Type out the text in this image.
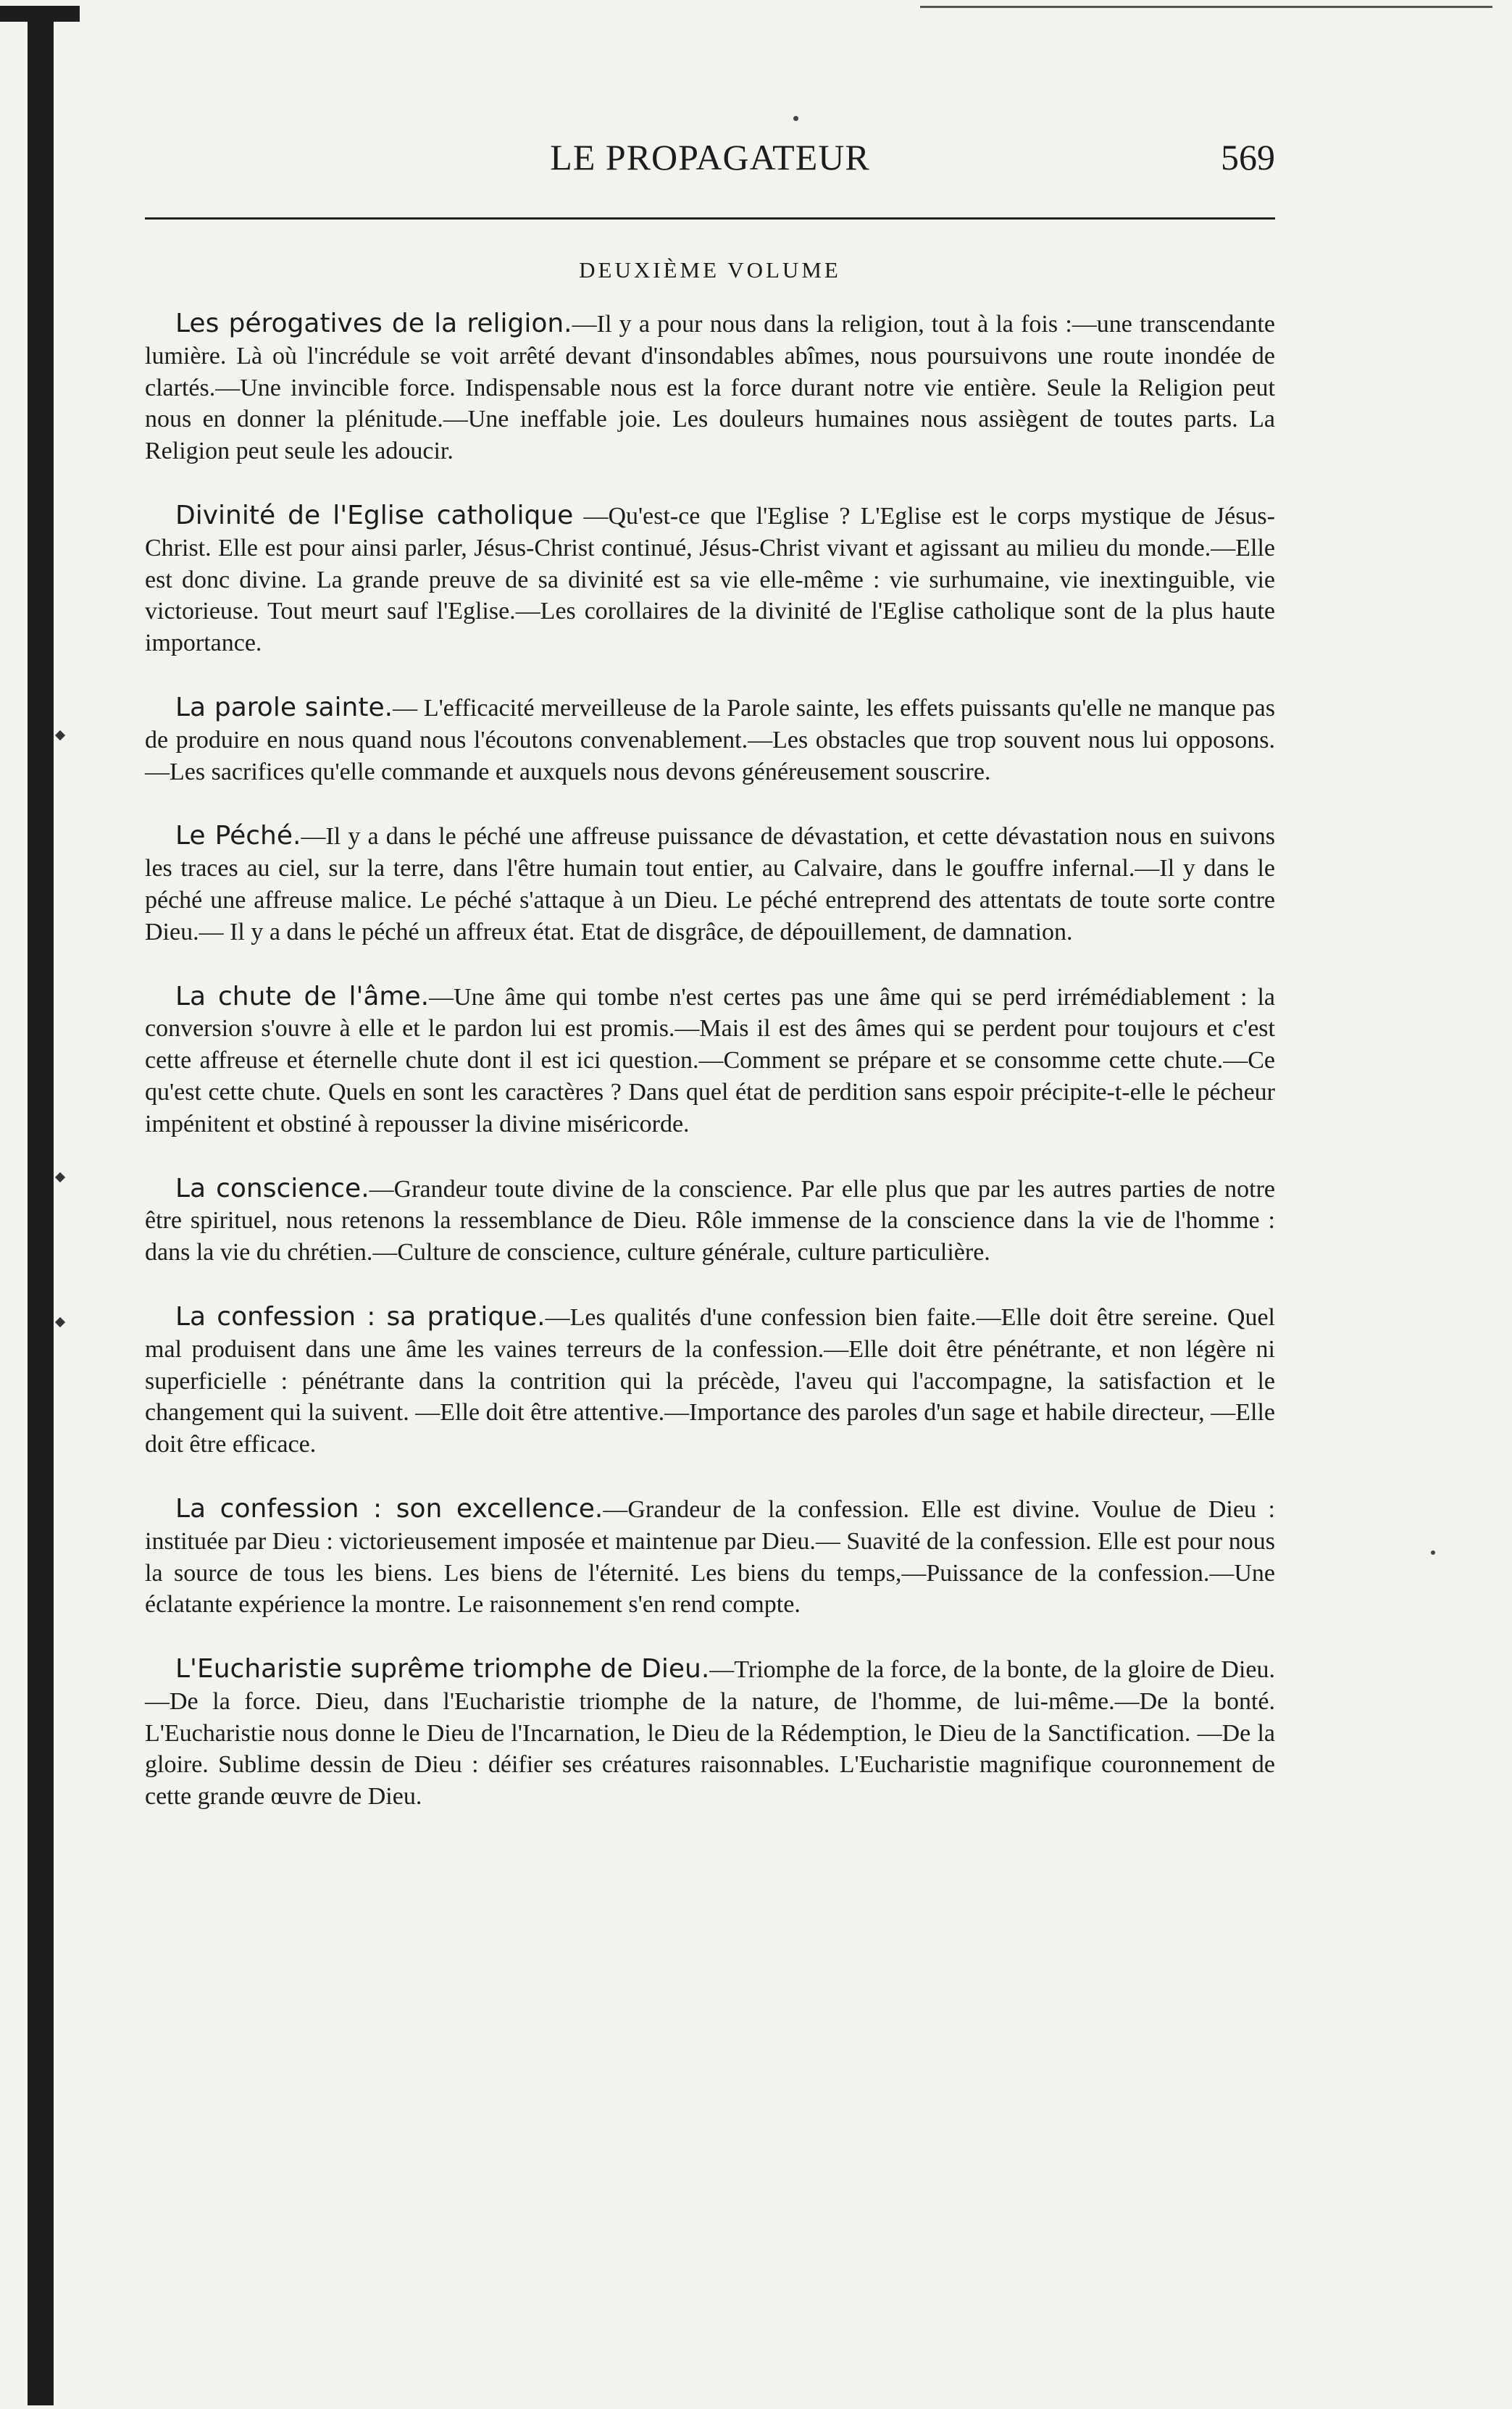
LE PROPAGATEUR	569
DEUXIÈME VOLUME

Les pérogatives de la religion.—Il y a pour nous dans la religion, tout à la fois :—une transcendante lumière. Là où l'incrédule se voit arrêté devant d'insondables abîmes, nous poursuivons une route inondée de clartés.—Une invincible force. Indispensable nous est la force durant notre vie entière. Seule la Religion peut nous en donner la plénitude.—Une ineffable joie. Les douleurs humaines nous assiègent de toutes parts. La Religion peut seule les adoucir.

Divinité de l'Eglise catholique —Qu'est-ce que l'Eglise ? L'Eglise est le corps mystique de Jésus-Christ. Elle est pour ainsi parler, Jésus-Christ continué, Jésus-Christ vivant et agissant au milieu du monde.—Elle est donc divine. La grande preuve de sa divinité est sa vie elle-même : vie surhumaine, vie inextinguible, vie victorieuse. Tout meurt sauf l'Eglise.—Les corollaires de la divinité de l'Eglise catholique sont de la plus haute importance.

La parole sainte.— L'efficacité merveilleuse de la Parole sainte, les effets puissants qu'elle ne manque pas de produire en nous quand nous l'écoutons convenablement.—Les obstacles que trop souvent nous lui opposons.—Les sacrifices qu'elle commande et auxquels nous devons généreusement souscrire.

Le Péché.—Il y a dans le péché une affreuse puissance de dévastation, et cette dévastation nous en suivons les traces au ciel, sur la terre, dans l'être humain tout entier, au Calvaire, dans le gouffre infernal.—Il y dans le péché une affreuse malice. Le péché s'attaque à un Dieu. Le péché entreprend des attentats de toute sorte contre Dieu.— Il y a dans le péché un affreux état. Etat de disgrâce, de dépouillement, de damnation.

La chute de l'âme.—Une âme qui tombe n'est certes pas une âme qui se perd irrémédiablement : la conversion s'ouvre à elle et le pardon lui est promis.—Mais il est des âmes qui se perdent pour toujours et c'est cette affreuse et éternelle chute dont il est ici question.—Comment se prépare et se consomme cette chute.—Ce qu'est cette chute. Quels en sont les caractères ? Dans quel état de perdition sans espoir précipite-t-elle le pécheur impénitent et obstiné à repousser la divine miséricorde.

La conscience.—Grandeur toute divine de la conscience. Par elle plus que par les autres parties de notre être spirituel, nous retenons la ressemblance de Dieu. Rôle immense de la conscience dans la vie de l'homme : dans la vie du chrétien.—Culture de conscience, culture générale, culture particulière.

La confession : sa pratique.—Les qualités d'une confession bien faite.—Elle doit être sereine. Quel mal produisent dans une âme les vaines terreurs de la confession.—Elle doit être pénétrante, et non légère ni superficielle : pénétrante dans la contrition qui la précède, l'aveu qui l'accompagne, la satisfaction et le changement qui la suivent. —Elle doit être attentive.—Importance des paroles d'un sage et habile directeur, —Elle doit être efficace.

La confession : son excellence.—Grandeur de la confession. Elle est divine. Voulue de Dieu : instituée par Dieu : victorieusement imposée et maintenue par Dieu.— Suavité de la confession. Elle est pour nous la source de tous les biens. Les biens de l'éternité. Les biens du temps,—Puissance de la confession.—Une éclatante expérience la montre. Le raisonnement s'en rend compte.

L'Eucharistie suprême triomphe de Dieu.—Triomphe de la force, de la bonte, de la gloire de Dieu.—De la force. Dieu, dans l'Eucharistie triomphe de la nature, de l'homme, de lui-même.—De la bonté. L'Eucharistie nous donne le Dieu de l'Incarnation, le Dieu de la Rédemption, le Dieu de la Sanctification. —De la gloire. Sublime dessin de Dieu : déifier ses créatures raisonnables. L'Eucharistie magnifique couronnement de cette grande œuvre de Dieu.
